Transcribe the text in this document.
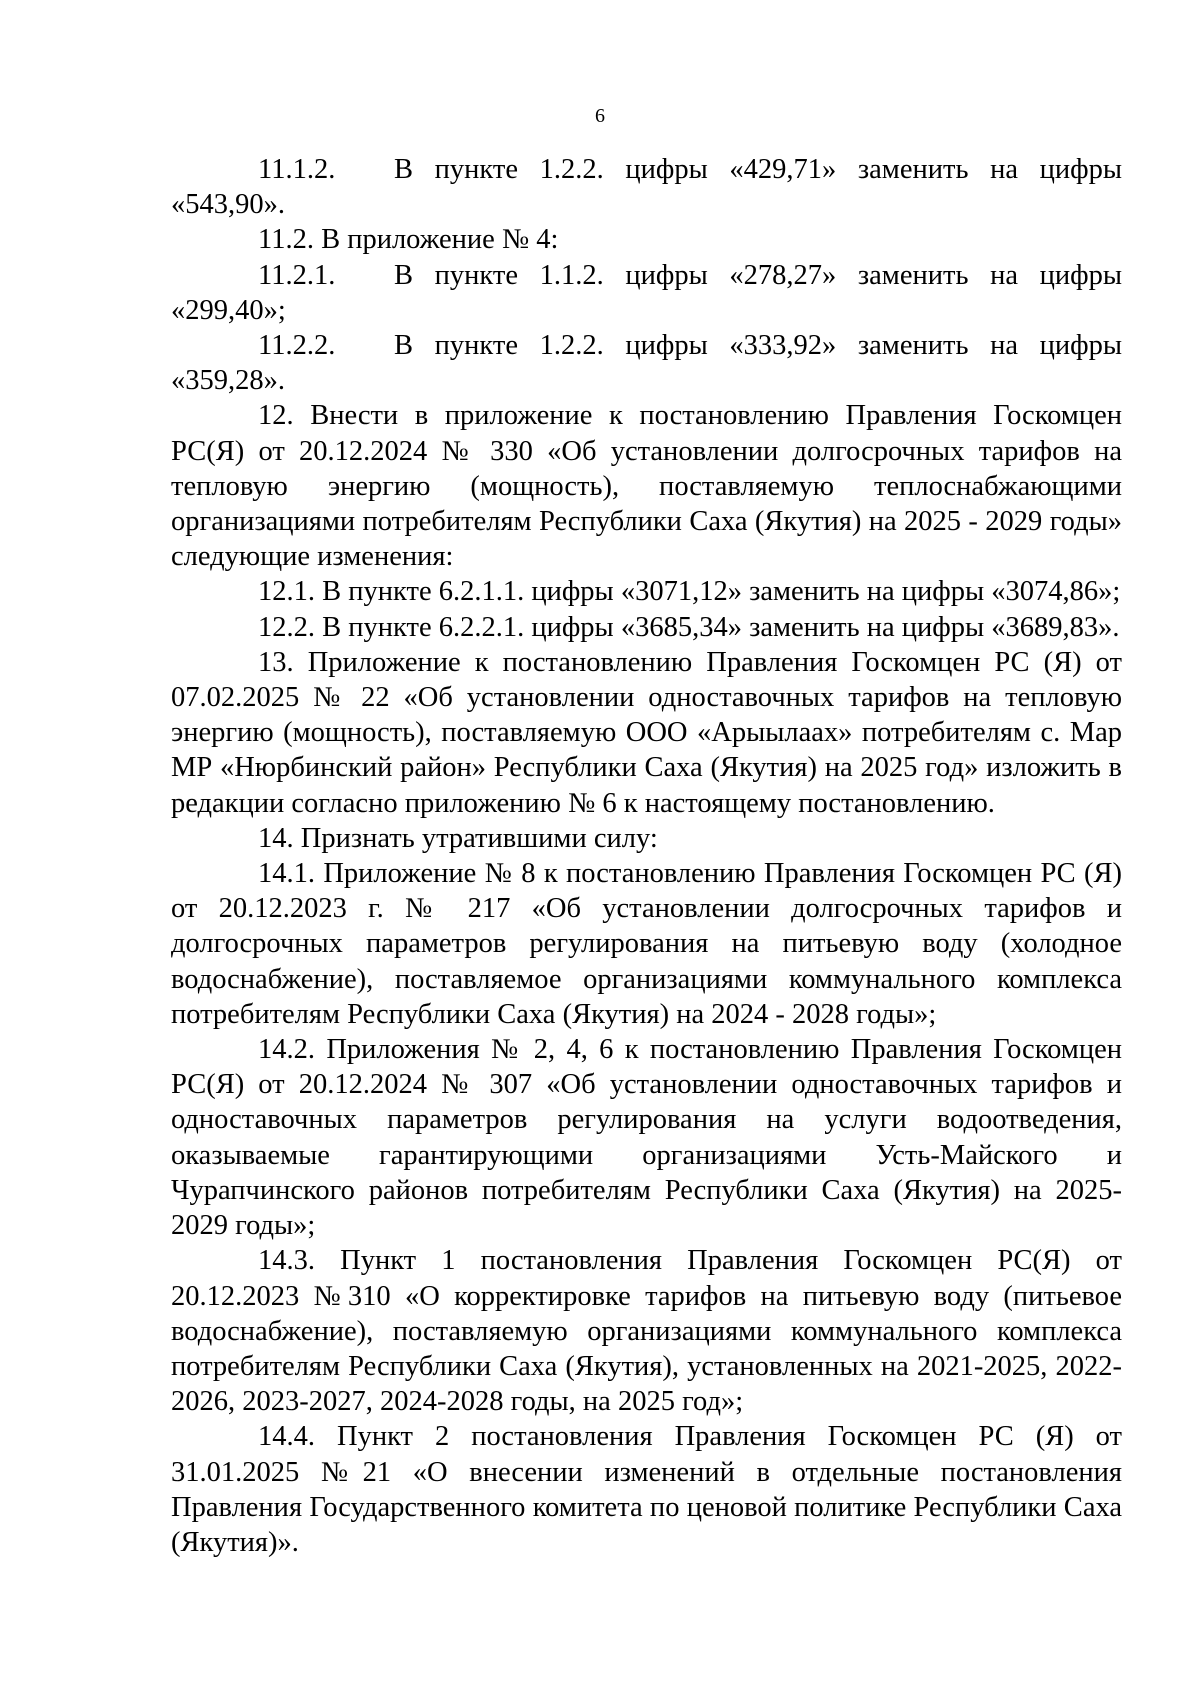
6
11.1.2.	В пункте 1.2.2. цифры «429,71» заменить на цифры

«543,90».

11.2. В приложение № 4:

11.2.1.	В пункте 1.1.2. цифры «278,27» заменить на цифры

«299,40»;

11.2.2.	В пункте 1.2.2. цифры «333,92» заменить на цифры

«359,28».

12. Внести в приложение к постановлению Правления Госкомцен РС(Я) от 20.12.2024 № 330 «Об установлении долгосрочных тарифов на тепловую энергию (мощность), поставляемую теплоснабжающими организациями потребителям Республики Саха (Якутия) на 2025 - 2029 годы» следующие изменения:

12.1. В пункте 6.2.1.1. цифры «3071,12» заменить на цифры «3074,86»;

12.2. В пункте 6.2.2.1. цифры «3685,34» заменить на цифры «3689,83».

13. Приложение к постановлению Правления Госкомцен РС (Я) от 07.02.2025 № 22 «Об установлении одноставочных тарифов на тепловую энергию (мощность), поставляемую ООО «Арыылаах» потребителям с. Мар МР «Нюрбинский район» Республики Саха (Якутия) на 2025 год» изложить в редакции согласно приложению № 6 к настоящему постановлению.

14. Признать утратившими силу:

14.1. Приложение № 8 к постановлению Правления Госкомцен РС (Я) от 20.12.2023 г. № 217 «Об установлении долгосрочных тарифов и долгосрочных параметров регулирования на питьевую воду (холодное водоснабжение), поставляемое организациями коммунального комплекса потребителям Республики Саха (Якутия) на 2024 - 2028 годы»;

14.2. Приложения № 2, 4, 6 к постановлению Правления Госкомцен РС(Я) от 20.12.2024 № 307 «Об установлении одноставочных тарифов и одноставочных параметров регулирования на услуги водоотведения, оказываемые гарантирующими организациями Усть-Майского и Чурапчинского районов потребителям Республики Саха (Якутия) на 2025-2029 годы»;

14.3. Пункт 1 постановления Правления Госкомцен РС(Я) от 20.12.2023 №310 «О корректировке тарифов на питьевую воду (питьевое водоснабжение), поставляемую организациями коммунального комплекса потребителям Республики Саха (Якутия), установленных на 2021-2025, 2022-2026, 2023-2027, 2024-2028 годы, на 2025 год»;

14.4. Пункт 2 постановления Правления Госкомцен РС (Я) от 31.01.2025 №21 «О внесении изменений в отдельные постановления Правления Государственного комитета по ценовой политике Республики Саха (Якутия)».
